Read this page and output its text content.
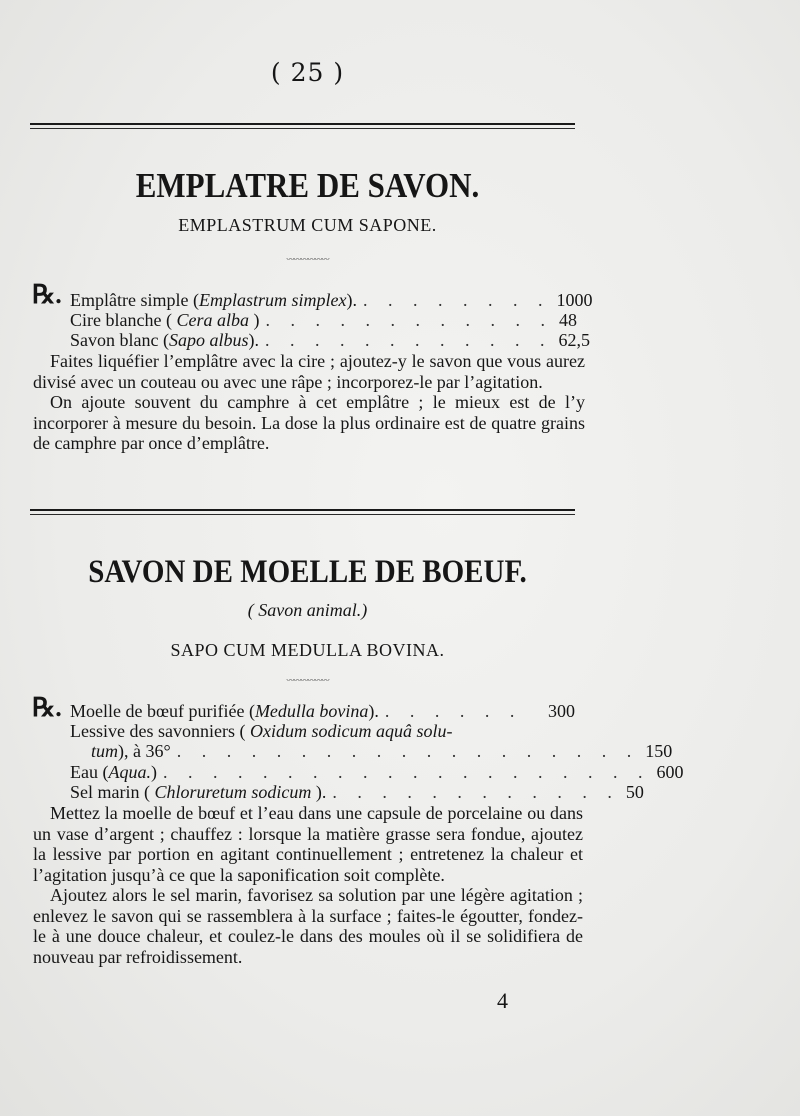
( 25 )
EMPLATRE DE SAVON.
EMPLASTRUM CUM SAPONE.
〰〰〰〰〰〰
℞. Emplâtre simple (Emplastrum simplex). . . . . . . . . 1000
Cire blanche ( Cera alba ) . . . . . . . . . . . . 48
Savon blanc (Sapo albus). . . . . . . . . . . . . 62,5

Faites liquéfier l’emplâtre avec la cire ; ajoutez-y le savon que vous aurez divisé avec un couteau ou avec une râpe ; incorporez-le par l’agitation.

On ajoute souvent du camphre à cet emplâtre ; le mieux est de l’y incorporer à mesure du besoin. La dose la plus ordinaire est de quatre grains de camphre par once d’emplâtre.

SAVON DE MOELLE DE BOEUF.
( Savon animal.)
SAPO CUM MEDULLA BOVINA.
〰〰〰〰〰〰
℞. Moelle de bœuf purifiée (Medulla bovina). . . . . . .	300
Lessive des savonniers ( Oxidum sodicum aquâ solu-
tum), à 36° . . . . . . . . . . . . . . . . . . . 150
Eau (Aqua.) . . . . . . . . . . . . . . . . . . . . 600
Sel marin ( Chloruretum sodicum ). . . . . . . . . . . . . 50

Mettez la moelle de bœuf et l’eau dans une capsule de porcelaine ou dans un vase d’argent ; chauffez : lorsque la matière grasse sera fondue, ajoutez la lessive par portion en agitant continuellement ; entretenez la chaleur et l’agitation jusqu’à ce que la saponification soit complète.

Ajoutez alors le sel marin, favorisez sa solution par une légère agitation ; enlevez le savon qui se rassemblera à la surface ; faites-le égoutter, fondez-le à une douce chaleur, et coulez-le dans des moules où il se solidifiera de nouveau par refroidissement.

4
